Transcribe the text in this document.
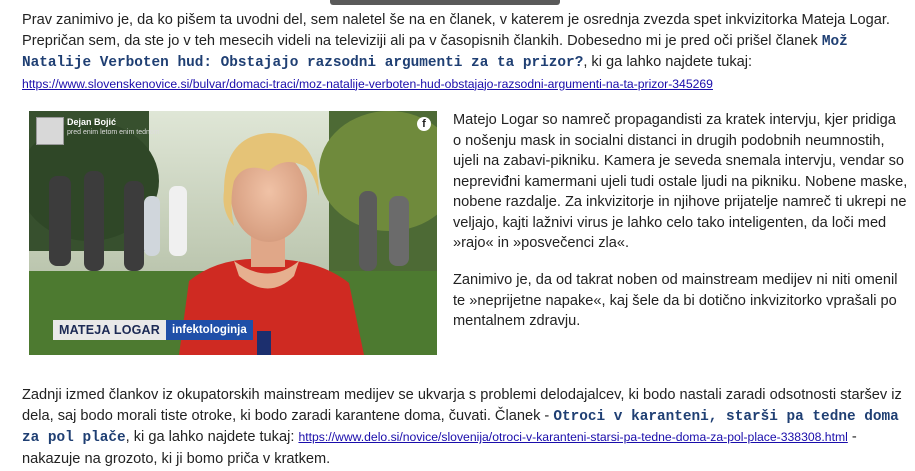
Prav zanimivo je, da ko pišem ta uvodni del, sem naletel še na en članek, v katerem je osrednja zvezda spet inkvizitorka Mateja Logar. Prepričan sem, da ste jo v teh mesecih videli na televiziji ali pa v časopisnih člankih. Dobesedno mi je pred oči prišel članek Mož Natalije Verboten hud: Obstajajo razsodni argumenti za ta prizor?, ki ga lahko najdete tukaj:
https://www.slovenskenovice.si/bulvar/domaci-traci/moz-natalije-verboten-hud-obstajajo-razsodni-argumenti-na-ta-prizor-345269

Dejan Bojić
pred enim letom enim tednom
f
MATEJA LOGAR	infektologinja

Matejo Logar so namreč propagandisti za kratek intervju, kjer pridiga o nošenju mask in socialni distanci in drugih podobnih neumnostih, ujeli na zabavi-pikniku. Kamera je seveda snemala intervju, vendar so nepreviđni kamermani ujeli tudi ostale ljudi na pikniku. Nobene maske, nobene razdalje. Za inkvizitorje in njihove prijatelje namreč ti ukrepi ne veljajo, kajti lažnivi virus je lahko celo tako inteligenten, da loči med »rajo« in »posvečenci zla«.

Zanimivo je, da od takrat noben od mainstream medijev ni niti omenil te »neprijetne napake«, kaj šele da bi dotično inkvizitorko vprašali po mentalnem zdravju.

Zadnji izmed člankov iz okupatorskih mainstream medijev se ukvarja s problemi delodajalcev, ki bodo nastali zaradi odsotnosti staršev iz dela, saj bodo morali tiste otroke, ki bodo zaradi karantene doma, čuvati. Članek - Otroci v karanteni, starši pa tedne doma za pol plače, ki ga lahko najdete tukaj: https://www.delo.si/novice/slovenija/otroci-v-karanteni-starsi-pa-tedne-doma-za-pol-place-338308.html - nakazuje na grozoto, ki ji bomo priča v kratkem.
